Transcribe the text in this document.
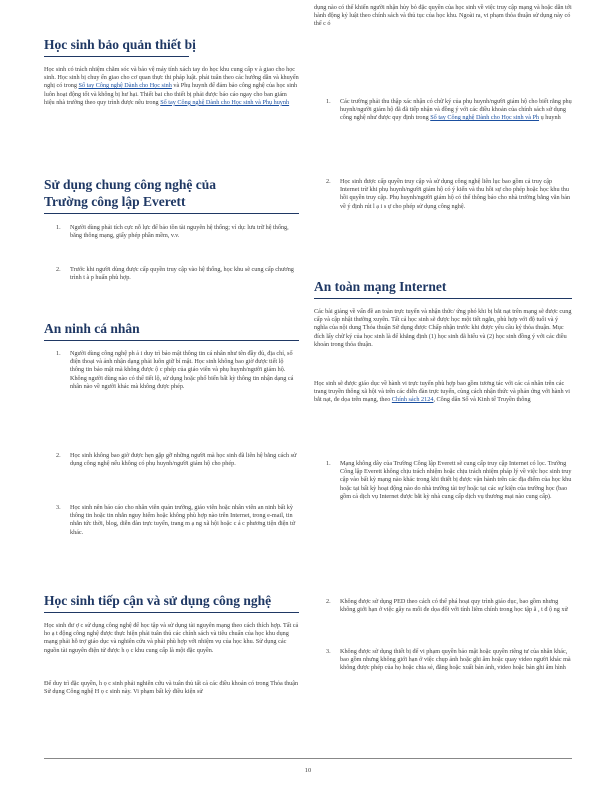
Học sinh bảo quản thiết bị

Học sinh có trách nhiệm chăm sóc và bảo vệ máy tính xách tay do học khu cung cấp v à giao cho học sinh. Học sinh bị chuy ển giao cho cơ quan thực thi pháp luật. phải tuân theo các hướng dẫn và khuyến nghị có trong Số tay Công nghệ Dành cho Học sinh và Phụ huynh để đảm bảo công nghệ của học sinh luôn hoạt động tốt và không bị hư hại. Thiết bai cho thiết bị phải được báo cáo ngay cho ban giám hiệu nhà trường theo quy trình được nêu trong Số tay Công nghệ Dành cho Học sinh và Phụ huynh

Sử dụng chung công nghệ của
Trường công lập Everett
1. Người dùng phải tích cực nỗ lực để bảo tồn tài nguyên hệ thống; ví dụ: lưu trữ hệ thống, băng thông mạng, giấy phép phần mềm, v.v.
2. Trước khi người dùng được cấp quyền truy cập vào hệ thống, học khu sẽ cung cấp chương trình t à p huấn phù hợp.
An ninh cá nhân
1. Người dùng công nghệ ph ả i duy trì bảo mật thông tin cá nhân như tên đầy đủ, địa chỉ, số điện thoại và ảnh nhận dạng phải luôn giữ bí mật. Học sinh không bao giờ được tiết lộ thông tin bảo mật mà không được ộ c phép của giáo viên và phụ huynh/người giám hộ. Không người dùng nào có thể tiết lộ, sử dụng hoặc phổ biến bất kỳ thông tin nhận dạng cá nhân nào về người khác mà không được phép.
2. Học sinh không bao giờ được hẹn gặp gỡ những người mà học sinh đã liên hệ bằng cách sử dụng công nghệ nếu không có phụ huynh/người giám hộ cho phép.
3. Học sinh nên báo cáo cho nhân viên quản trường, giáo viên hoặc nhân viên an ninh bất kỳ thông tin hoặc tin nhắn nguy hiểm hoặc không phù hợp nào trên Internet, trong e-mail, tin nhắn tức thời, blog, diễn đàn trực tuyến, trang m ạ ng xã hội hoặc c á c phương tiện điện tử khác.
Học sinh tiếp cận và sử dụng công nghệ

Học sinh đư ợ c sử dụng công nghệ để học tập và sử dụng tài nguyên mạng theo cách thích hợp. Tất cả ho ạ t động công nghệ được thực hiện phải tuân thủ các chính sách và tiêu chuẩn của học khu dụng mạng phải hỗ trợ giáo dục và nghiên cứu và phải phù hợp với nhiệm vụ của học khu. Sử dụng các nguồn tài nguyên điện tử được h ọ c khu cung cấp là một đặc quyền.

Để duy trì đặc quyền, h ọ c sinh phải nghiên cứu và tuân thủ tất cả các điều khoản có trong Thỏa thuận Sử dụng Công nghệ H ọ c sinh này. Vi phạm bất kỳ điều kiện sử

dụng nào có thể khiến người nhận hủy bỏ đặc quyền của học sinh về việc truy cập mạng và hoặc dẫn tới hành động kỷ luật theo chính sách và thủ tục của học khu. Ngoài ra, vi phạm thỏa thuận sử dụng này có thể c ó

1. Các trường phải thu thập xác nhận có chữ ký của phụ huynh/người giám hộ cho biết rằng phụ huynh/người giám hộ đã đã tiếp nhận và đồng ý với các điều khoản của chính sách sử dụng công nghệ như được quy định trong Số tay Công nghệ Dành cho Học sinh và Ph ụ huynh
2. Học sinh được cấp quyền truy cập và sử dụng công nghệ liên lục bao gồm cả truy cập Internet trừ khi phụ huynh/người giám hộ có ý kiến và thu hồi sự cho phép hoặc học khu thu hồi quyền truy cập. Phụ huynh/người giám hộ có thể thông báo cho nhà trường bằng văn bản về ý định rút l ạ i s ự cho phép sử dụng công nghệ.
An toàn mạng Internet

Các bài giảng về vấn đề an toàn trực tuyến và nhận thức/ ứng phó khi bị bắt nạt trên mạng sẽ được cung cấp và cập nhật thường xuyên. Tất cả học sinh sẽ được học một tiết ngắn, phù hợp với độ tuổi và ý nghĩa của nội dung Thỏa thuận Sử dụng được Chấp nhận trước khi được yêu cầu ký thỏa thuận. Mục đích lấy chữ ký của học sinh là để khẳng định (1) học sinh đã hiểu và (2) học sinh đồng ý với các điều khoản trong thỏa thuận.

Học sinh sẽ được giáo dục về hành vi trực tuyến phù hợp bao gồm tương tác với các cá nhân trên các trang truyền thông xã hội và trên các diễn đàn trực tuyến, cùng cách nhận thức và phản ứng với hành vi bắt nạt, đe dọa trên mạng, theo Chính sách 2124, Công dân Số và Kinh tế Truyền thông

1. Mạng không dây của Trường Công lập Everett sẽ cung cấp truy cập Internet có lọc. Trường Công lập Everett không chịu trách nhiệm hoặc chịu trách nhiệm pháp lý về việc học sinh truy cập vào bất kỳ mạng nào khác trong khi thiết bị được vận hành trên các địa điểm của học khu hoặc tại bất kỳ hoạt động nào do nhà trường tài trợ hoặc tại các sự kiện của trường học (bao gồm cả dịch vụ Internet được bắt kỳ nhà cung cấp dịch vụ thương mại nào cung cấp).
2. Không được sử dụng PED theo cách có thể phá hoại quy trình giáo dục, bao gồm nhưng không giới hạn ở việc gây ra mối đe dọa đối với tính liêm chính trong học tập ă , t đ ộ ng xử
3. Không được sử dụng thiết bị để vi phạm quyền bảo mật hoặc quyền riêng tư của nhân khác, bao gồm nhưng không giới hạn ở việc chụp ảnh hoặc ghi âm hoặc quay video người khác mà không được phép của họ hoặc chia sẻ, đăng hoặc xuất bản ảnh, video hoặc bản ghi âm hình
10
